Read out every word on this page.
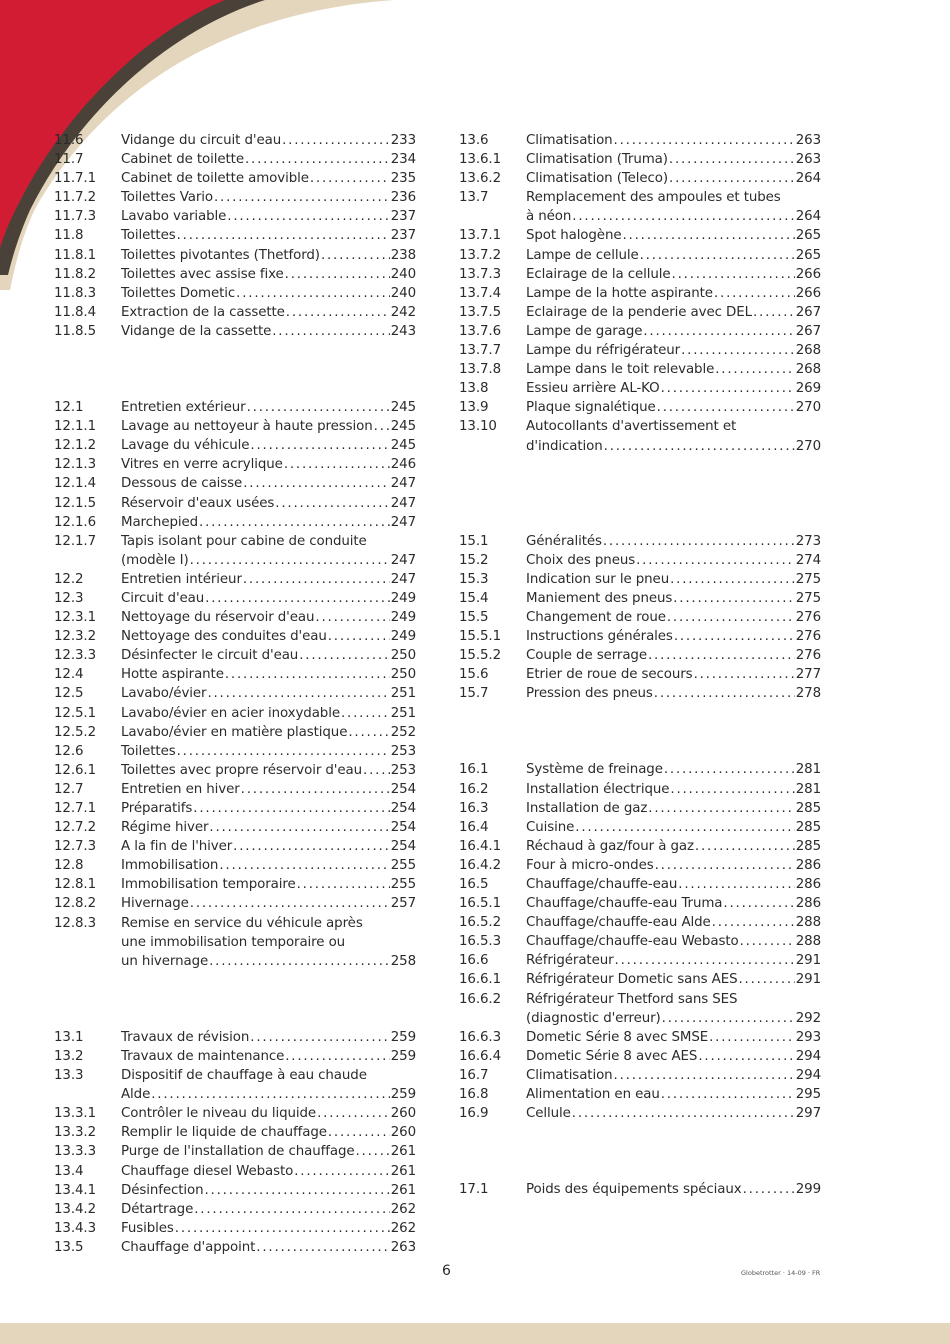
11.6	Vidange du circuit d'eau .....	233
11.7	Cabinet de toilette .....	234
11.7.1	Cabinet de toilette amovible .....	235
11.7.2	Toilettes Vario .....	236
11.7.3	Lavabo variable .....	237
11.8	Toilettes .....	237
11.8.1	Toilettes pivotantes (Thetford) .....	238
11.8.2	Toilettes avec assise fixe .....	240
11.8.3	Toilettes Dometic .....	240
11.8.4	Extraction de la cassette .....	242
11.8.5	Vidange de la cassette .....	243
12.1	Entretien extérieur .....	245
12.1.1	Lavage au nettoyeur à haute pression ..... 245
12.1.2	Lavage du véhicule .....	245
12.1.3	Vitres en verre acrylique .....	246
12.1.4	Dessous de caisse .....	247
12.1.5	Réservoir d'eaux usées .....	247
12.1.6	Marchepied .....	247
12.1.7	Tapis isolant pour cabine de conduite
(modèle I) .....	247
12.2	Entretien intérieur .....	247
12.3	Circuit d'eau .....	249
12.3.1	Nettoyage du réservoir d'eau .....	249
12.3.2	Nettoyage des conduites d'eau .....	249
12.3.3	Désinfecter le circuit d'eau .....	250
12.4	Hotte aspirante .....	250
12.5	Lavabo/évier .....	251
12.5.1	Lavabo/évier en acier inoxydable .....	251
12.5.2	Lavabo/évier en matière plastique .....	252
12.6	Toilettes .....	253
12.6.1	Toilettes avec propre réservoir d'eau ..... 253
12.7	Entretien en hiver .....	254
12.7.1	Préparatifs .....	254
12.7.2	Régime hiver .....	254
12.7.3	A la fin de l'hiver .....	254
12.8	Immobilisation .....	255
12.8.1	Immobilisation temporaire .....	255
12.8.2	Hivernage .....	257
12.8.3	Remise en service du véhicule après
une immobilisation temporaire ou
un hivernage .....	258
13.1	Travaux de révision .....	259
13.2	Travaux de maintenance .....	259
13.3	Dispositif de chauffage à eau chaude
Alde .....	259
13.3.1	Contrôler le niveau du liquide .....	260
13.3.2	Remplir le liquide de chauffage .....	260
13.3.3	Purge de l'installation de chauffage .....	261
13.4	Chauffage diesel Webasto .....	261
13.4.1	Désinfection .....	261
13.4.2	Détartrage .....	262
13.4.3	Fusibles .....	262
13.5	Chauffage d'appoint .....	263
13.6	Climatisation .....	263
13.6.1	Climatisation (Truma) .....	263
13.6.2	Climatisation (Teleco) .....	264
13.7	Remplacement des ampoules et tubes
à néon .....	264
13.7.1	Spot halogène .....	265
13.7.2	Lampe de cellule .....	265
13.7.3	Eclairage de la cellule .....	266
13.7.4	Lampe de la hotte aspirante .....	266
13.7.5	Eclairage de la penderie avec DEL .....	267
13.7.6	Lampe de garage .....	267
13.7.7	Lampe du réfrigérateur .....	268
13.7.8	Lampe dans le toit relevable .....	268
13.8	Essieu arrière AL-KO .....	269
13.9	Plaque signalétique .....	270
13.10	Autocollants d'avertissement et
d'indication .....	270
15.1	Généralités .....	273
15.2	Choix des pneus .....	274
15.3	Indication sur le pneu .....	275
15.4	Maniement des pneus .....	275
15.5	Changement de roue .....	276
15.5.1	Instructions générales .....	276
15.5.2	Couple de serrage .....	276
15.6	Etrier de roue de secours .....	277
15.7	Pression des pneus .....	278
16.1	Système de freinage .....	281
16.2	Installation électrique .....	281
16.3	Installation de gaz .....	285
16.4	Cuisine .....	285
16.4.1	Réchaud à gaz/four à gaz .....	285
16.4.2	Four à micro-ondes .....	286
16.5	Chauffage/chauffe-eau .....	286
16.5.1	Chauffage/chauffe-eau Truma .....	286
16.5.2	Chauffage/chauffe-eau Alde .....	288
16.5.3	Chauffage/chauffe-eau Webasto .....	288
16.6	Réfrigérateur .....	291
16.6.1	Réfrigérateur Dometic sans AES .....	291
16.6.2	Réfrigérateur Thetford sans SES
(diagnostic d'erreur) .....	292
16.6.3	Dometic Série 8 avec SMSE .....	293
16.6.4	Dometic Série 8 avec AES .....	294
16.7	Climatisation .....	294
16.8	Alimentation en eau .....	295
16.9	Cellule .....	297
17.1	Poids des équipements spéciaux .....	299
6	Globetrotter · 14-09 · FR
